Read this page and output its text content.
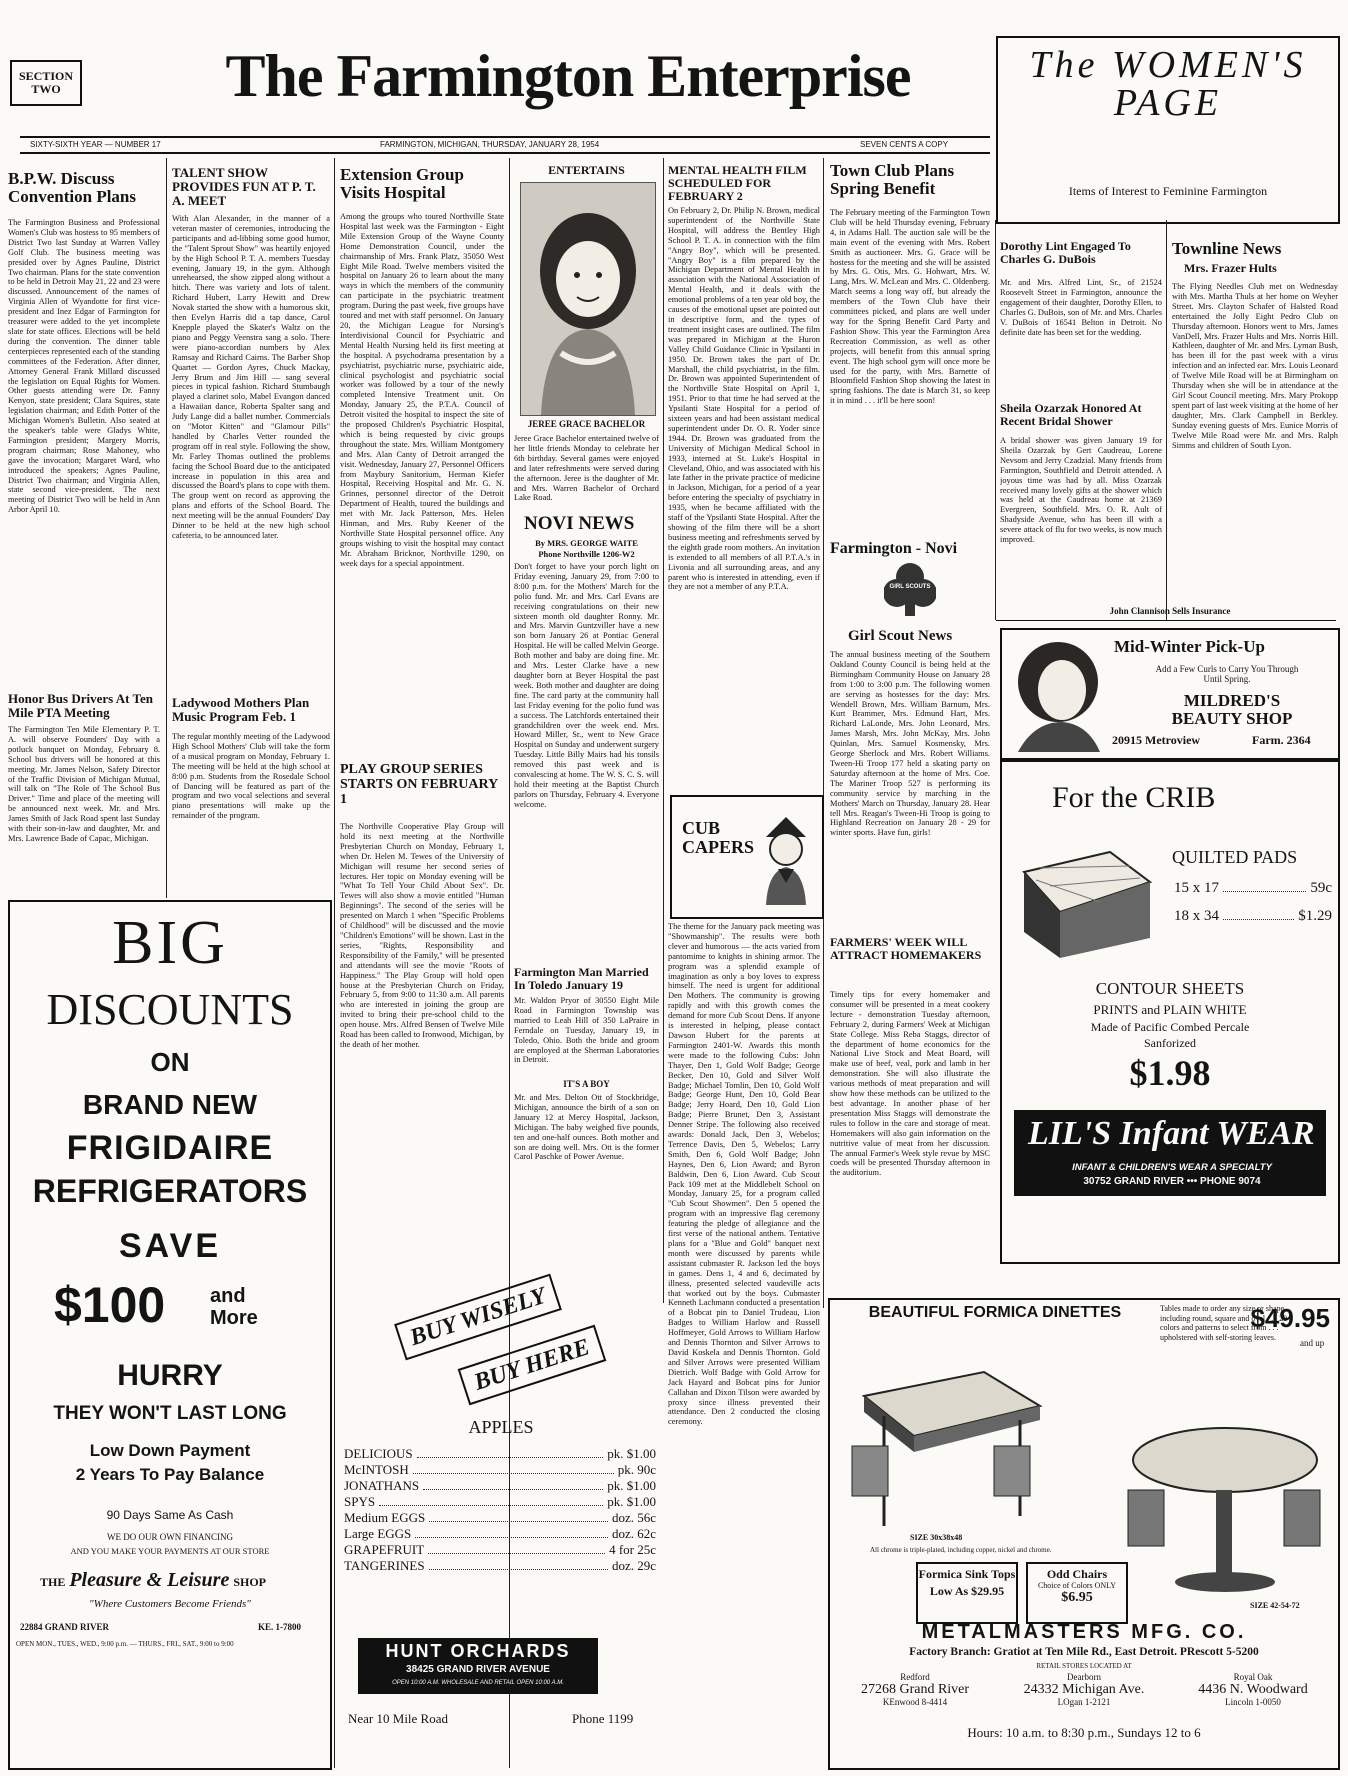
SECTION TWO	The Farmington Enterprise
SIXTY-SIXTH YEAR — NUMBER 17	FARMINGTON, MICHIGAN, THURSDAY, JANUARY 28, 1954	SEVEN CENTS A COPY
The WOMEN'S PAGE
Items of Interest to Feminine Farmington
B.P.W. Discuss Convention Plans
The Farmington Business and Professional Women's Club was hostess to 95 members of District Two last Sunday at Warren Valley Golf Club. The business meeting was presided over by Agnes Pauline, District Two chairman. Plans for the state convention to be held in Detroit May 21, 22 and 23 were discussed. Announcement of the names of Virginia Allen of Wyandotte for first vice-president and Inez Edgar of Farmington for treasurer were added to the yet incomplete slate for state offices. Elections will be held during the convention. The dinner table centerpieces represented each of the standing committees of the Federation. After dinner, Attorney General Frank Millard discussed the legislation on Equal Rights for Women. Other guests attending were Dr. Fanny Kenyon, state president; Clara Squires, state legislation chairman; and Edith Potter of the Michigan Women's Bulletin. Also seated at the speaker's table were Gladys White, Farmington president; Margery Morris, program chairman; Rose Mahoney, who gave the invocation; Margaret Ward, who introduced the speakers; Agnes Pauline, District Two chairman; and Virginia Allen, state second vice-president. The next meeting of District Two will be held in Ann Arbor April 10.
Honor Bus Drivers At Ten Mile PTA Meeting
The Farmington Ten Mile Elementary P. T. A. will observe Founders' Day with a potluck banquet on Monday, February 8. School bus drivers will be honored at this meeting. Mr. James Nelson, Safety Director of the Traffic Division of Michigan Mutual, will talk on "The Role of The School Bus Driver." Time and place of the meeting will be announced next week. Mr. and Mrs. James Smith of Jack Road spent last Sunday with their son-in-law and daughter, Mr. and Mrs. Lawrence Bade of Capac, Michigan.
TALENT SHOW PROVIDES FUN AT P. T. A. MEET
With Alan Alexander, in the manner of a veteran master of ceremonies, introducing the participants and ad-libbing some good humor, the "Talent Sprout Show" was heartily enjoyed by the High School P. T. A. members Tuesday evening, January 19, in the gym. Although unrehearsed, the show zipped along without a hitch. There was variety and lots of talent. Richard Hubert, Larry Hewitt and Drew Novak started the show with a humorous skit, then Evelyn Harris did a tap dance, Carol Knepple played the Skater's Waltz on the piano and Peggy Veenstra sang a solo. There were piano-accordian numbers by Alex Ramsay and Richard Cairns. The Barber Shop Quartet — Gordon Ayres, Chuck Mackay, Jerry Brum and Jim Hill — sang several pieces in typical fashion. Richard Stumbaugh played a clarinet solo, Mabel Evangon danced a Hawaiian dance, Roberta Spalter sang and Judy Lange did a ballet number. Commercials on "Motor Kitten" and "Glamour Pills" handled by Charles Vetter rounded the program off in real style. Following the show, Mr. Farley Thomas outlined the problems facing the School Board due to the anticipated increase in population in this area and discussed the Board's plans to cope with them. The group went on record as approving the plans and efforts of the School Board. The next meeting will be the annual Founders' Day Dinner to be held at the new high school cafeteria, to be announced later.
Ladywood Mothers Plan Music Program Feb. 1
The regular monthly meeting of the Ladywood High School Mothers' Club will take the form of a musical program on Monday, February 1. The meeting will be held at the high school at 8:00 p.m. Students from the Rosedale School of Dancing will be featured as part of the program and two vocal selections and several piano presentations will make up the remainder of the program.
Extension Group Visits Hospital
Among the groups who toured Northville State Hospital last week was the Farmington - Eight Mile Extension Group of the Wayne County Home Demonstration Council, under the chairmanship of Mrs. Frank Platz, 35050 West Eight Mile Road. Twelve members visited the hospital on January 26 to learn about the many ways in which the members of the community can participate in the psychiatric treatment program. During the past week, five groups have toured and met with staff personnel. On January 20, the Michigan League for Nursing's Interdivisional Council for Psychiatric and Mental Health Nursing held its first meeting at the hospital. A psychodrama presentation by a psychiatrist, psychiatric nurse, psychiatric aide, clinical psychologist and psychiatric social worker was followed by a tour of the newly completed Intensive Treatment unit. On Monday, January 25, the P.T.A. Council of Detroit visited the hospital to inspect the site of the proposed Children's Psychiatric Hospital, which is being requested by civic groups throughout the state. Mrs. William Montgomery and Mrs. Alan Canty of Detroit arranged the visit. Wednesday, January 27, Personnel Officers from Maybury Sanitorium, Herman Kiefer Hospital, Receiving Hospital and Mr. G. N. Grinnes, personnel director of the Detroit Department of Health, toured the buildings and met with Mr. Jack Patterson, Mrs. Helen Hinman, and Mrs. Ruby Keener of the Northville State Hospital personnel office. Any groups wishing to visit the hospital may contact Mr. Abraham Bricknor, Northville 1290, on week days for a special appointment.
PLAY GROUP SERIES STARTS ON FEBRUARY 1
The Northville Cooperative Play Group will hold its next meeting at the Northville Presbyterian Church on Monday, February 1, when Dr. Helen M. Tewes of the University of Michigan will resume her second series of lectures. Her topic on Monday evening will be "What To Tell Your Child About Sex". Dr. Tewes will also show a movie entitled "Human Beginnings". The second of the series will be presented on March 1 when "Specific Problems of Childhood" will be discussed and the movie "Children's Emotions" will be shown. Last in the series, "Rights, Responsibility and Responsibility of the Family," will be presented and attendants will see the movie "Roots of Happiness." The Play Group will hold open house at the Presbyterian Church on Friday, February 5, from 9:00 to 11:30 a.m. All parents who are interested in joining the group are invited to bring their pre-school child to the open house. Mrs. Alfred Bensen of Twelve Mile Road has been called to Ironwood, Michigan, by the death of her mother.
ENTERTAINS
JEREE GRACE BACHELOR
Jeree Grace Bachelor entertained twelve of her little friends Monday to celebrate her 6th birthday. Several games were enjoyed and later refreshments were served during the afternoon. Jeree is the daughter of Mr. and Mrs. Warren Bachelor of Orchard Lake Road.
NOVI NEWS
By MRS. GEORGE WAITE
Phone Northville 1206-W2
Don't forget to have your porch light on Friday evening, January 29, from 7:00 to 8:00 p.m. for the Mothers' March for the polio fund. Mr. and Mrs. Carl Evans are receiving congratulations on their new sixteen month old daughter Ronny. Mr. and Mrs. Marvin Guntzviller have a new son born January 26 at Pontiac General Hospital. He will be called Melvin George. Both mother and baby are doing fine. Mr. and Mrs. Lester Clarke have a new daughter born at Beyer Hospital the past week. Both mother and daughter are doing fine. The card party at the community hall last Friday evening for the polio fund was a success. The Latchfords entertained their grandchildren over the week end. Mrs. Howard Miller, Sr., went to New Grace Hospital on Sunday and underwent surgery Tuesday. Little Billy Mairs had his tonsils removed this past week and is convalescing at home. The W. S. C. S. will hold their meeting at the Baptist Church parlors on Thursday, February 4. Everyone welcome.
Farmington Man Married In Toledo January 19
Mr. Waldon Pryor of 30550 Eight Mile Road in Farmington Township was married to Leah Hill of 350 LaPraire in Ferndale on Tuesday, January 19, in Toledo, Ohio. Both the bride and groom are employed at the Sherman Laboratories in Detroit.
IT'S A BOY
Mr. and Mrs. Delton Ott of Stockbridge, Michigan, announce the birth of a son on January 12 at Mercy Hospital, Jackson, Michigan. The baby weighed five pounds, ten and one-half ounces. Both mother and son are doing well. Mrs. Ott is the former Carol Paschke of Power Avenue.
MENTAL HEALTH FILM SCHEDULED FOR FEBRUARY 2
On February 2, Dr. Philip N. Brown, medical superintendent of the Northville State Hospital, will address the Bentley High School P. T. A. in connection with the film "Angry Boy", which will be presented. "Angry Boy" is a film prepared by the Michigan Department of Mental Health in association with the National Association of Mental Health, and it deals with the emotional problems of a ten year old boy, the causes of the emotional upset are pointed out in descriptive form, and the types of treatment insight cases are outlined. The film was prepared in Michigan at the Huron Valley Child Guidance Clinic in Ypsilanti in 1950. Dr. Brown takes the part of Dr. Marshall, the child psychiatrist, in the film. Dr. Brown was appointed Superintendent of the Northville State Hospital on April 1, 1951. Prior to that time he had served at the Ypsilanti State Hospital for a period of sixteen years and had been assistant medical superintendent under Dr. O. R. Yoder since 1944. Dr. Brown was graduated from the University of Michigan Medical School in 1933, interned at St. Luke's Hospital in Cleveland, Ohio, and was associated with his late father in the private practice of medicine in Jackson, Michigan, for a period of a year before entering the specialty of psychiatry in 1935, when he became affiliated with the staff of the Ypsilanti State Hospital. After the showing of the film there will be a short business meeting and refreshments served by the eighth grade room mothers. An invitation is extended to all members of all P.T.A.'s in Livonia and all surrounding areas, and any parent who is interested in attending, even if they are not a member of any P.T.A.
CUB CAPERS
The theme for the January pack meeting was "Showmanship". The results were both clever and humorous — the acts varied from pantomime to knights in shining armor. The program was a splendid example of imagination as only a boy loves to express himself. The need is urgent for additional Den Mothers. The community is growing rapidly and with this growth comes the demand for more Cub Scout Dens. If anyone is interested in helping, please contact Dawson Hubert for the parents at Farmington 2401-W. Awards this month were made to the following Cubs: John Thayer, Den 1, Gold Wolf Badge; George Becker, Den 10, Gold and Silver Wolf Badge; Michael Tomlin, Den 10, Gold Wolf Badge; George Hunt, Den 10, Gold Bear Badge; Jerry Hoard, Den 10, Gold Lion Badge; Pierre Brunet, Den 3, Assistant Denner Stripe. The following also received awards: Donald Jack, Den 3, Webelos; Terrence Davis, Den 5, Webelos; Larry Smith, Den 6, Gold Wolf Badge; John Haynes, Den 6, Lion Award; and Byron Baldwin, Den 6, Lion Award. Cub Scout Pack 109 met at the Middlebelt School on Monday, January 25, for a program called "Cub Scout Showmen". Den 5 opened the program with an impressive flag ceremony featuring the pledge of allegiance and the first verse of the national anthem. Tentative plans for a "Blue and Gold" banquet next month were discussed by parents while assistant cubmaster R. Jackson led the boys in games. Dens 1, 4 and 6, decimated by illness, presented selected vaudeville acts that worked out by the boys. Cubmaster Kenneth Lachmann conducted a presentation of a Bobcat pin to Daniel Trudeau, Lion Badges to William Harlow and Russell Hoffmeyer, Gold Arrows to William Harlow and Dennis Thornton and Silver Arrows to David Koskela and Dennis Thornton. Gold and Silver Arrows were presented William Dietrich. Wolf Badge with Gold Arrow for Jack Hayard and Bobcat pins for Junior Callahan and Dixon Tilson were awarded by proxy since illness prevented their attendance. Den 2 conducted the closing ceremony.
Town Club Plans Spring Benefit
The February meeting of the Farmington Town Club will be held Thursday evening, February 4, in Adams Hall. The auction sale will be the main event of the evening with Mrs. Robert Smith as auctioneer. Mrs. G. Grace will be hostess for the meeting and she will be assisted by Mrs. G. Otis, Mrs. G. Hohwart, Mrs. W. Lang, Mrs. W. McLean and Mrs. C. Oldenberg. March seems a long way off, but already the members of the Town Club have their committees picked, and plans are well under way for the Spring Benefit Card Party and Fashion Show. This year the Farmington Area Recreation Commission, as well as other projects, will benefit from this annual spring event. The high school gym will once more be used for the party, with Mrs. Barnette of Bloomfield Fashion Shop showing the latest in spring fashions. The date is March 31, so keep it in mind . . . it'll be here soon!
Farmington - Novi
GIRL SCOUTS
Girl Scout News
The annual business meeting of the Southern Oakland County Council is being held at the Birmingham Community House on January 28 from 1:00 to 3:00 p.m. The following women are serving as hostesses for the day: Mrs. Wendell Brown, Mrs. William Barnum, Mrs. Kurt Brammer, Mrs. Edmund Hart, Mrs. Richard LaLonde, Mrs. John Leonard, Mrs. James Marsh, Mrs. John McKay, Mrs. John Quinlan, Mrs. Samuel Kosmensky, Mrs. George Sherlock and Mrs. Robert Williams. Tween-Hi Troop 177 held a skating party on Saturday afternoon at the home of Mrs. Coe. The Mariner Troop 527 is performing its community service by marching in the Mothers' March on Thursday, January 28. Hear tell Mrs. Reagan's Tween-Hi Troop is going to Highland Recreation on January 28 - 29 for winter sports. Have fun, girls!
FARMERS' WEEK WILL ATTRACT HOMEMAKERS
Timely tips for every homemaker and consumer will be presented in a meat cookery lecture - demonstration Tuesday afternoon, February 2, during Farmers' Week at Michigan State College. Miss Reba Staggs, director of the department of home economics for the National Live Stock and Meat Board, will make use of beef, veal, pork and lamb in her demonstration. She will also illustrate the various methods of meat preparation and will show how these methods can be utilized to the best advantage. In another phase of her presentation Miss Staggs will demonstrate the rules to follow in the care and storage of meat. Homemakers will also gain information on the nutritive value of meat from her discussion. The annual Farmer's Week style revue by MSC coeds will be presented Thursday afternoon in the auditorium.
Dorothy Lint Engaged To Charles G. DuBois
Mr. and Mrs. Alfred Lint, Sr., of 21524 Roosevelt Street in Farmington, announce the engagement of their daughter, Dorothy Ellen, to Charles G. DuBois, son of Mr. and Mrs. Charles V. DuBois of 16541 Belton in Detroit. No definite date has been set for the wedding.
Sheila Ozarzak Honored At Recent Bridal Shower
A bridal shower was given January 19 for Sheila Ozarzak by Gert Caudreau, Lorene Nevsom and Jerry Czadzial. Many friends from Farmington, Southfield and Detroit attended. A joyous time was had by all. Miss Ozarzak received many lovely gifts at the shower which was held at the Caudreau home at 21369 Evergreen, Southfield. Mrs. O. R. Ault of Shadyside Avenue, who has been ill with a severe attack of flu for two weeks, is now much improved.
Townline News
Mrs. Frazer Hults
The Flying Needles Club met on Wednesday with Mrs. Martha Thuls at her home on Weyher Street. Mrs. Clayton Schafer of Halsted Road entertained the Jolly Eight Pedro Club on Thursday afternoon. Honors went to Mrs. James VanDell, Mrs. Frazer Hults and Mrs. Norris Hill. Kathleen, daughter of Mr. and Mrs. Lyman Bush, has been ill for the past week with a virus infection and an infected ear. Mrs. Louis Leonard of Twelve Mile Road will be at Birmingham on Thursday when she will be in attendance at the Girl Scout Council meeting. Mrs. Mary Prokopp spent part of last week visiting at the home of her daughter, Mrs. Clark Campbell in Berkley. Sunday evening guests of Mrs. Eunice Morris of Twelve Mile Road were Mr. and Mrs. Ralph Simms and children of South Lyon.
John Clannison Sells Insurance
Mid-Winter Pick-Up
Add a Few Curls to Carry You Through Until Spring.
MILDRED'S BEAUTY SHOP
20915 Metroview	Farm. 2364
For the CRIB
QUILTED PADS
15 x 17	59c
18 x 34	$1.29
CONTOUR SHEETS
PRINTS and PLAIN WHITE
Made of Pacific Combed Percale
Sanforized
$1.98
LIL'S Infant WEAR
INFANT & CHILDREN'S WEAR A SPECIALTY
30752 GRAND RIVER ••• PHONE 9074
BIG
DISCOUNTS
ON
BRAND NEW
FRIGIDAIRE
REFRIGERATORS
SAVE
$100 and More
HURRY
THEY WON'T LAST LONG
Low Down Payment
2 Years To Pay Balance
90 Days Same As Cash
WE DO OUR OWN FINANCING
AND YOU MAKE YOUR PAYMENTS AT OUR STORE
THE Pleasure & Leisure SHOP
"Where Customers Become Friends"
22884 GRAND RIVER	KE. 1-7800
OPEN MON., TUES., WED., 9:00 p.m. — THURS., FRI., SAT., 9:00 to 9:00
BUY WISELY
BUY HERE
APPLES
DELICIOUS	pk. $1.00
McINTOSH	pk. 90c
JONATHANS	pk. $1.00
SPYS	pk. $1.00
Medium EGGS	doz. 56c
Large EGGS	doz. 62c
GRAPEFRUIT	4 for 25c
TANGERINES	doz. 29c
HUNT ORCHARDS
38425 GRAND RIVER AVENUE
OPEN 10:00 A.M. WHOLESALE AND RETAIL OPEN 10:00 A.M.
Near 10 Mile Road	Phone 1199
BEAUTIFUL FORMICA DINETTES	Tables made to order any size or shape, including round, square and oval . . . 20 colors and patterns to select from . . . upholstered with self-storing leaves.
$49.95
and up
SIZE 30x38x48
All chrome is triple-plated, including copper, nickel and chrome.
SIZE 42-54-72
Formica Sink Tops
Low As $29.95
Odd Chairs
Choice of Colors ONLY
$6.95
METALMASTERS MFG. CO.
Factory Branch: Gratiot at Ten Mile Rd., East Detroit. PRescott 5-5200
RETAIL STORES LOCATED AT
Redford
27268 Grand River
KEnwood 8-4414
Dearborn
24332 Michigan Ave.
LOgan 1-2121
Royal Oak
4436 N. Woodward
Lincoln 1-0050
Hours: 10 a.m. to 8:30 p.m., Sundays 12 to 6
